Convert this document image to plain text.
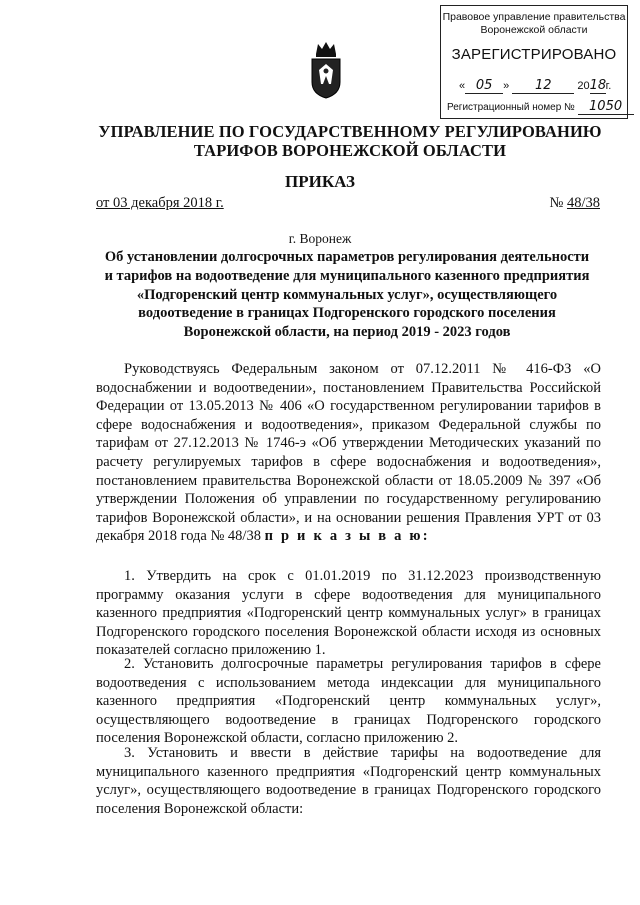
Правовое управление правительства
Воронежской области
ЗАРЕГИСТРИРОВАНО
« 05 » 12 2018г.
Регистрационный номер № 1050
УПРАВЛЕНИЕ ПО ГОСУДАРСТВЕННОМУ РЕГУЛИРОВАНИЮ
ТАРИФОВ ВОРОНЕЖСКОЙ ОБЛАСТИ
ПРИКАЗ
от 03 декабря 2018 г.	№ 48/38
г. Воронеж
Об установлении долгосрочных параметров регулирования деятельности
и тарифов на водоотведение для муниципального казенного предприятия
«Подгоренский центр коммунальных услуг», осуществляющего
водоотведение в границах Подгоренского городского поселения
Воронежской области, на период 2019 - 2023 годов
Руководствуясь Федеральным законом от 07.12.2011 № 416-ФЗ «О водоснабжении и водоотведении», постановлением Правительства Российской Федерации от 13.05.2013 № 406 «О государственном регулировании тарифов в сфере водоснабжения и водоотведения», приказом Федеральной службы по тарифам от 27.12.2013 № 1746-э «Об утверждении Методических указаний по расчету регулируемых тарифов в сфере водоснабжения и водоотведения», постановлением правительства Воронежской области от 18.05.2009 № 397 «Об утверждении Положения об управлении по государственному регулированию тарифов Воронежской области», и на основании решения Правления УРТ от 03 декабря 2018 года № 48/38 п р и к а з ы в а ю:
1. Утвердить на срок с 01.01.2019 по 31.12.2023 производственную программу оказания услуги в сфере водоотведения для муниципального казенного предприятия «Подгоренский центр коммунальных услуг» в границах Подгоренского городского поселения Воронежской области исходя из основных показателей согласно приложению 1.
2. Установить долгосрочные параметры регулирования тарифов в сфере водоотведения с использованием метода индексации для муниципального казенного предприятия «Подгоренский центр коммунальных услуг», осуществляющего водоотведение в границах Подгоренского городского поселения Воронежской области, согласно приложению 2.
3. Установить и ввести в действие тарифы на водоотведение для муниципального казенного предприятия «Подгоренский центр коммунальных услуг», осуществляющего водоотведение в границах Подгоренского городского поселения Воронежской области:
